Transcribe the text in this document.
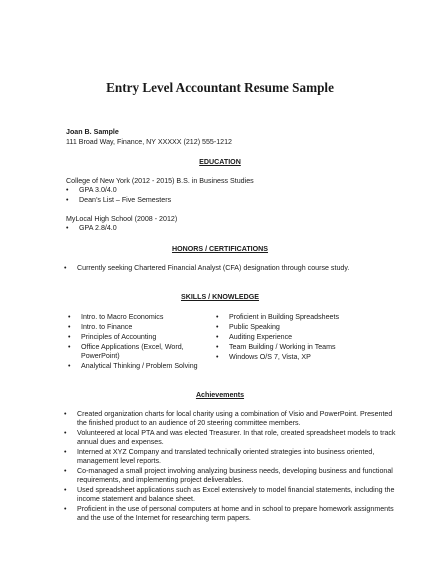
Entry Level Accountant Resume Sample
Joan B. Sample
111 Broad Way, Finance, NY XXXXX (212) 555-1212
EDUCATION
College of New York (2012 - 2015) B.S. in Business Studies
•
GPA 3.0/4.0
•
Dean’s List – Five Semesters
MyLocal High School (2008 - 2012)
•
GPA 2.8/4.0
HONORS / CERTIFICATIONS
•
Currently seeking Chartered Financial Analyst (CFA) designation through course study.
SKILLS / KNOWLEDGE
•
Intro. to Macro Economics
•
Intro. to Finance
•
Principles of Accounting
•
Office Applications (Excel, Word, PowerPoint)
•
Analytical Thinking / Problem Solving
•
Proficient in Building Spreadsheets
•
Public Speaking
•
Auditing Experience
•
Team Building / Working in Teams
•
Windows O/S 7, Vista, XP
Achievements
•
Created organization charts for local charity using a combination of Visio and PowerPoint. Presented the finished product to an audience of 20 steering committee members.
•
Volunteered at local PTA and was elected Treasurer. In that role, created spreadsheet models to track annual dues and expenses.
•
Interned at XYZ Company and translated technically oriented strategies into business oriented, management level reports.
•
Co-managed a small project involving analyzing business needs, developing business and functional requirements, and implementing project deliverables.
•
Used spreadsheet applications such as Excel extensively to model financial statements, including the income statement and balance sheet.
•
Proficient in the use of personal computers at home and in school to prepare homework assignments and the use of the Internet for researching term papers.
